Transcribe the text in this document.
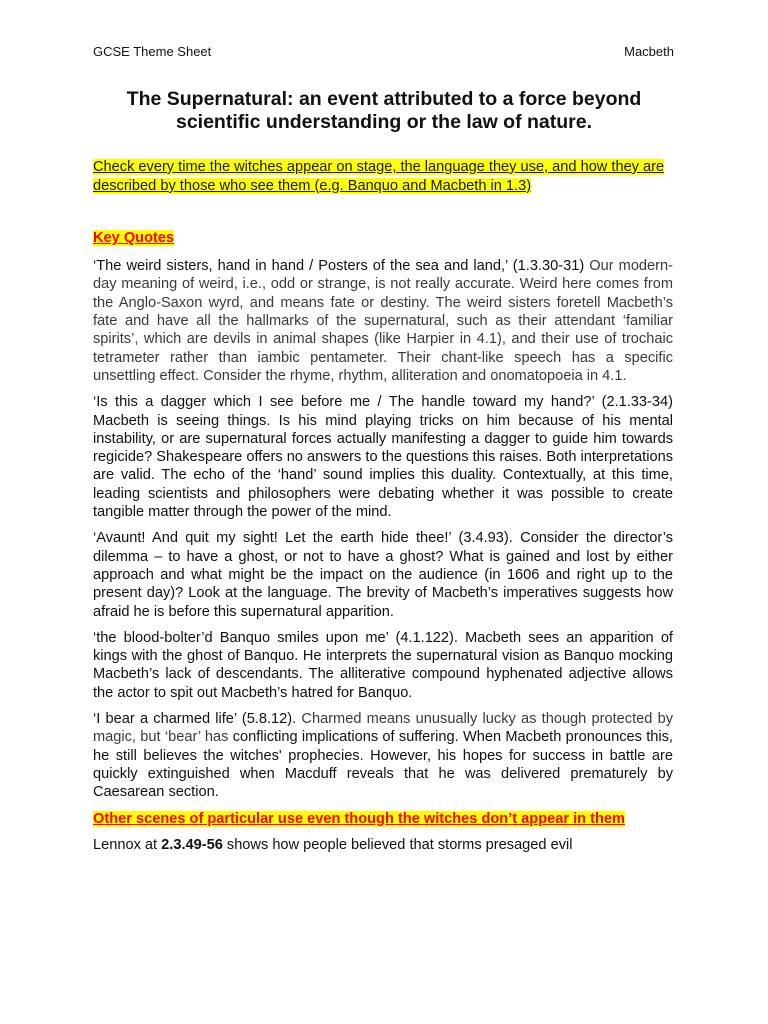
GCSE Theme Sheet	Macbeth
The Supernatural: an event attributed to a force beyond
scientific understanding or the law of nature.

Check every time the witches appear on stage, the language they use, and how they are described by those who see them (e.g. Banquo and Macbeth in 1.3)

Key Quotes

‘The weird sisters, hand in hand / Posters of the sea and land,’ (1.3.30-31) Our modern-day meaning of weird, i.e., odd or strange, is not really accurate. Weird here comes from the Anglo-Saxon wyrd, and means fate or destiny. The weird sisters foretell Macbeth’s fate and have all the hallmarks of the supernatural, such as their attendant ‘familiar spirits’, which are devils in animal shapes (like Harpier in 4.1), and their use of trochaic tetrameter rather than iambic pentameter. Their chant-like speech has a specific unsettling effect. Consider the rhyme, rhythm, alliteration and onomatopoeia in 4.1.

‘Is this a dagger which I see before me / The handle toward my hand?’ (2.1.33-34) Macbeth is seeing things. Is his mind playing tricks on him because of his mental instability, or are supernatural forces actually manifesting a dagger to guide him towards regicide? Shakespeare offers no answers to the questions this raises. Both interpretations are valid. The echo of the ‘hand’ sound implies this duality. Contextually, at this time, leading scientists and philosophers were debating whether it was possible to create tangible matter through the power of the mind.

‘Avaunt! And quit my sight! Let the earth hide thee!’ (3.4.93). Consider the director’s dilemma – to have a ghost, or not to have a ghost? What is gained and lost by either approach and what might be the impact on the audience (in 1606 and right up to the present day)? Look at the language. The brevity of Macbeth’s imperatives suggests how afraid he is before this supernatural apparition.

‘the blood-bolter’d Banquo smiles upon me’ (4.1.122). Macbeth sees an apparition of kings with the ghost of Banquo. He interprets the supernatural vision as Banquo mocking Macbeth’s lack of descendants. The alliterative compound hyphenated adjective allows the actor to spit out Macbeth’s hatred for Banquo.

‘I bear a charmed life’ (5.8.12). Charmed means unusually lucky as though protected by magic, but ‘bear’ has conflicting implications of suffering. When Macbeth pronounces this, he still believes the witches' prophecies. However, his hopes for success in battle are quickly extinguished when Macduff reveals that he was delivered prematurely by Caesarean section.

Other scenes of particular use even though the witches don’t appear in them

Lennox at 2.3.49-56 shows how people believed that storms presaged evil
